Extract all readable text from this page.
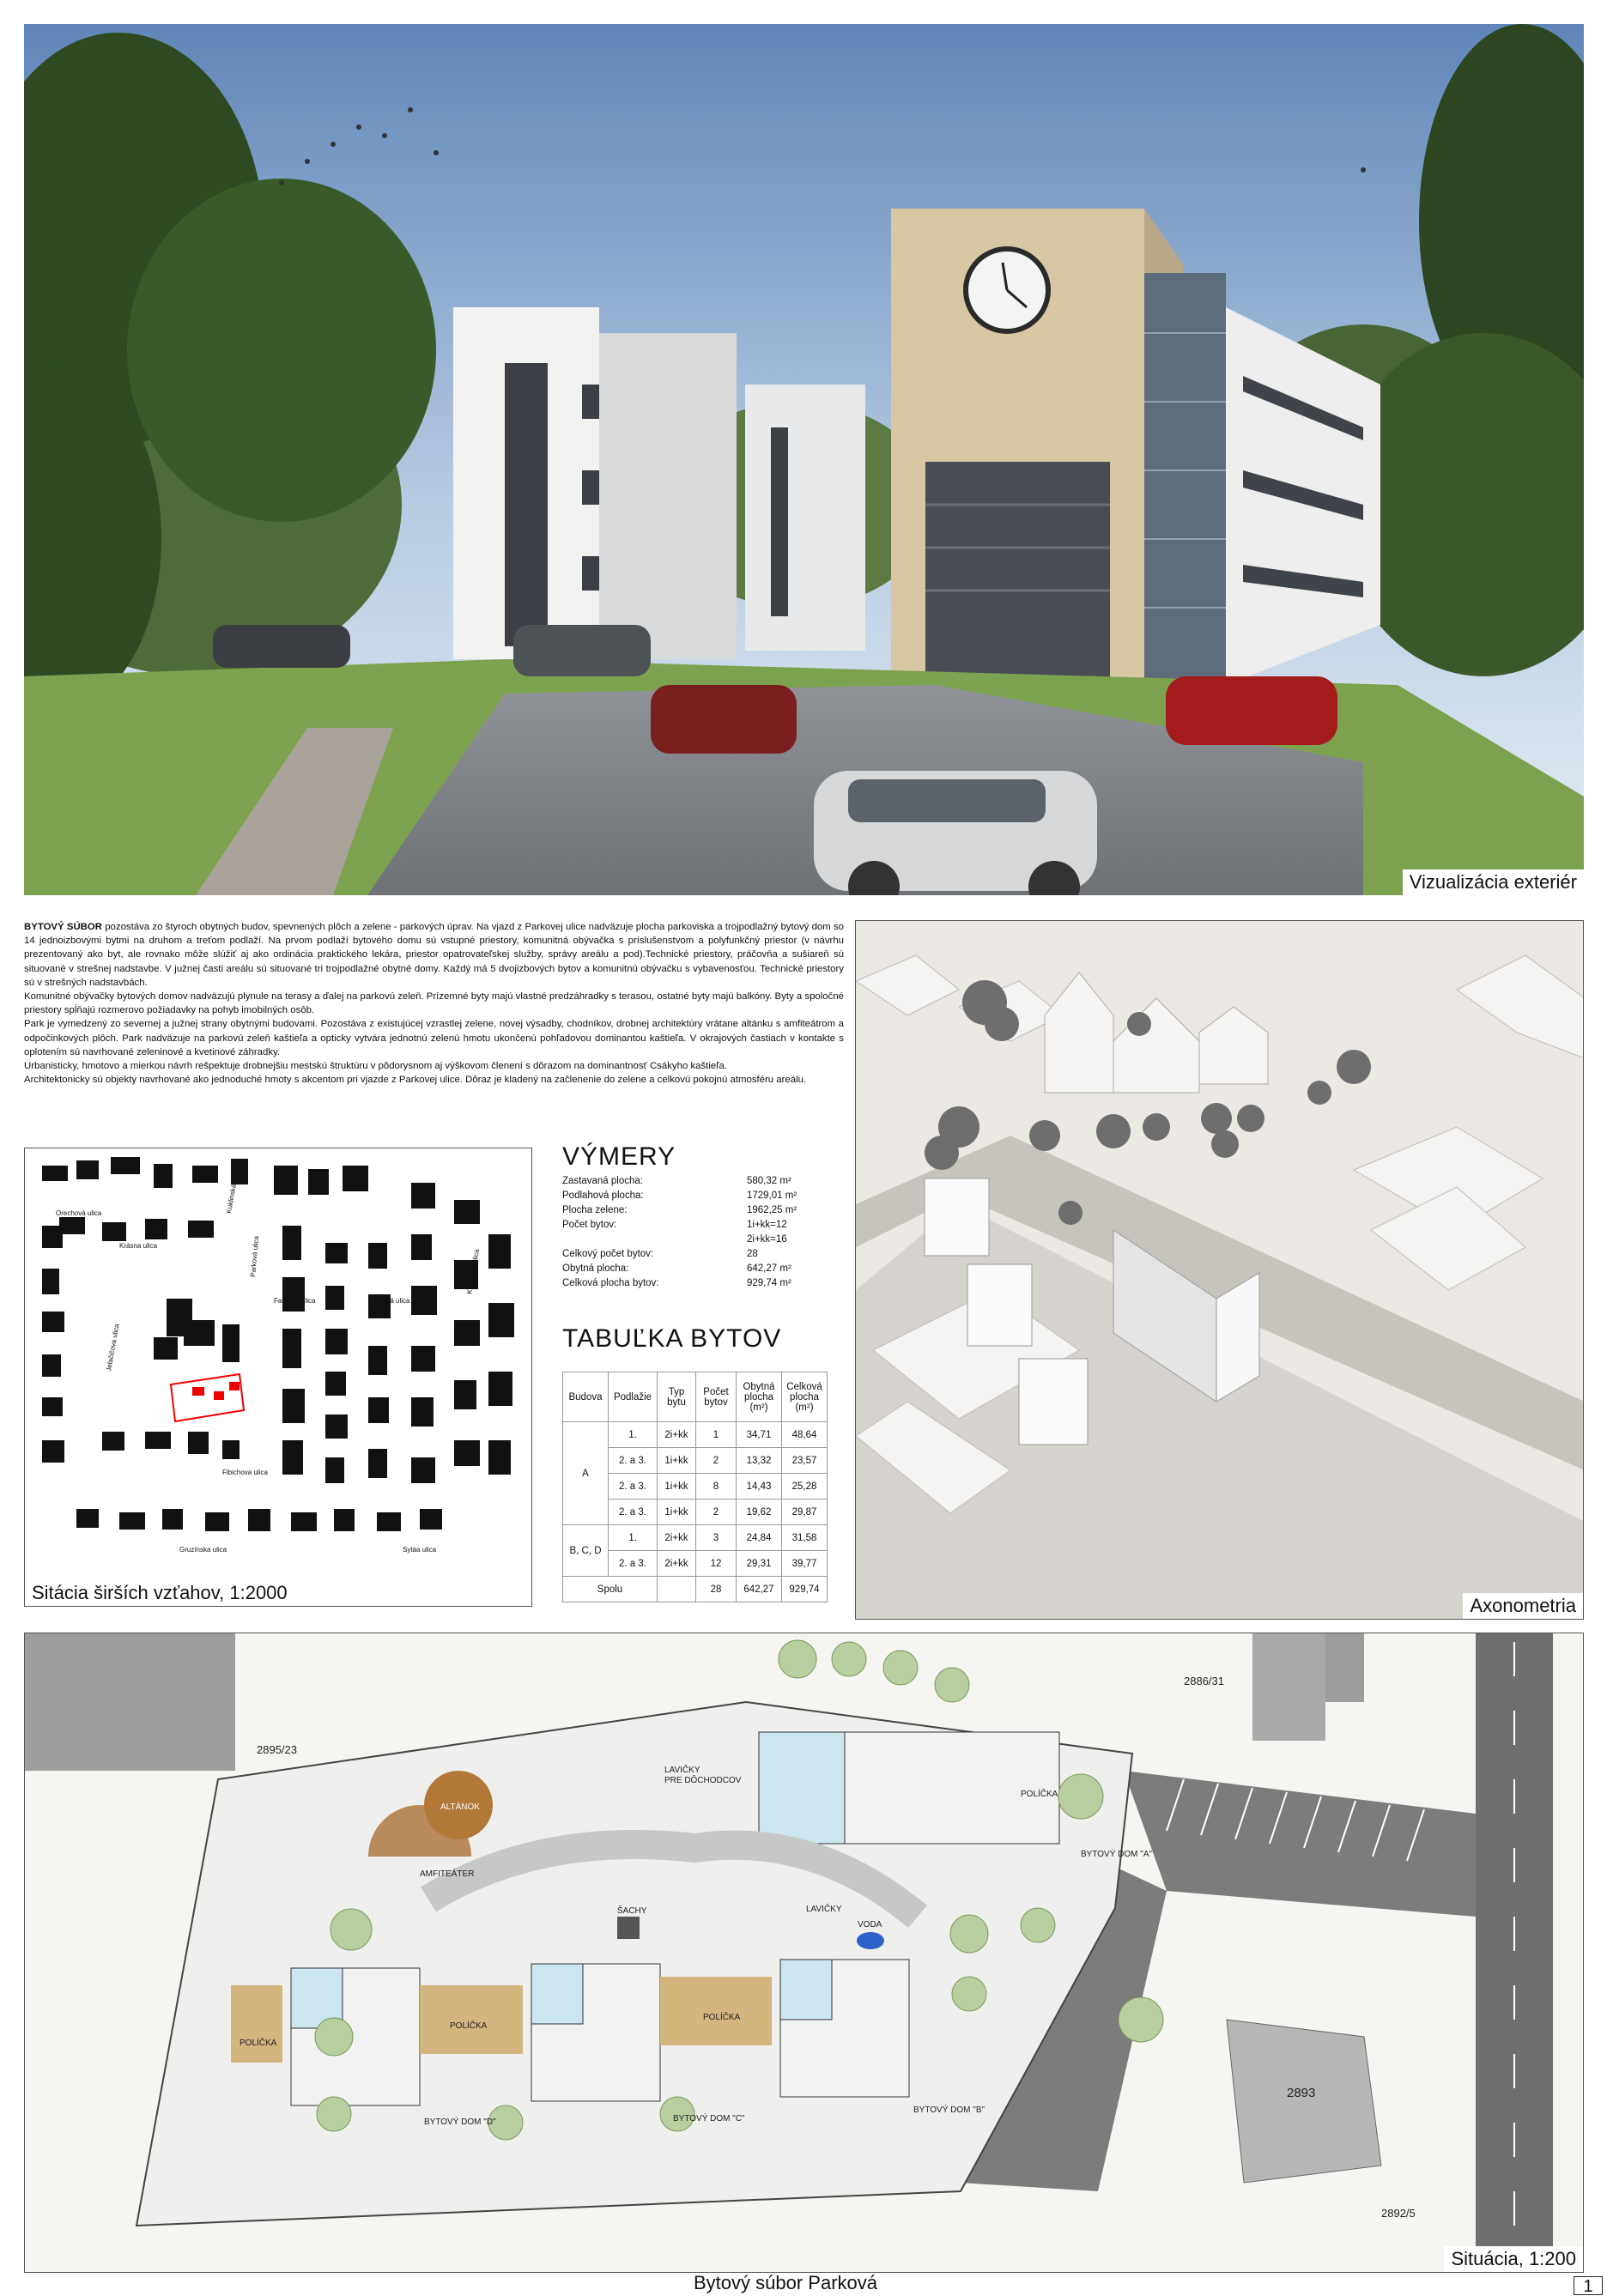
Vizualizácia exteriér

BYTOVÝ SÚBOR pozostáva zo štyroch obytných budov, spevnených plôch a zelene - parkových úprav. Na vjazd z Parkovej ulice nadväzuje plocha parkoviska a trojpodlažný bytový dom so 14 jednoizbovými bytmi na druhom a treťom podlaží. Na prvom podlaží bytového domu sú vstupné priestory, komunitná obývačka s príslušenstvom a polyfunkčný priestor (v návrhu prezentovaný ako byt, ale rovnako môže slúžiť aj ako ordinácia praktického lekára, priestor opatrovateľskej služby, správy areálu a pod).Technické priestory, práčovňa a sušiareň sú situované v strešnej nadstavbe. V južnej časti areálu sú situované tri trojpodlažné obytné domy. Každý má 5 dvojizbových bytov a komunitnú obývačku s vybavenosťou. Technické priestory sú v strešných nadstavbách.

Komunitné obývačky bytových domov nadväzujú plynule na terasy a ďalej na parkovú zeleň. Prízemné byty majú vlastné predzáhradky s terasou, ostatné byty majú balkóny. Byty a spoločné priestory spĺňajú rozmerovo požiadavky na pohyb imobilných osôb.

Park je vymedzený zo severnej a južnej strany obytnými budovami. Pozostáva z existujúcej vzrastlej zelene, novej výsadby, chodníkov, drobnej architektúry vrátane altánku s amfiteátrom a odpočinkových plôch. Park nadväzuje na parkovú zeleň kaštieľa a opticky vytvára jednotnú zelenú hmotu ukončenú pohľadovou dominantou kaštieľa. V okrajových častiach v kontakte s oplotením sú navrhované zeleninové a kvetinové záhradky.

Urbanisticky, hmotovo a mierkou návrh rešpektuje drobnejšiu mestskú štruktúru v pôdorysnom aj výškovom členení s dôrazom na dominantnosť Csákyho kaštieľa.

Architektonicky sú objekty navrhované ako jednoduché hmoty s akcentom pri vjazde z Parkovej ulice. Dôraz je kladený na začlenenie do zelene a celkovú pokojnú atmosféru areálu.

Orechová ulica	Kuklinská ulica
Krásna ulica	Parková ulica
Farebná ulica	Farebná ulica
Kuklinská ulica
Jelačičova ulica
Fibichova ulica
Gruzínska ulica	Sytáa ulica
Sitácia širších vzťahov, 1:2000
VÝMERY
Zastavaná plocha:	580,32 m²
Podlahová plocha:	1729,01 m²
Plocha zelene:	1962,25 m²
Počet bytov:	1i+kk=12
2i+kk=16
Celkový počet bytov:	28
Obytná plocha:	642,27 m²
Celková plocha bytov:	929,74 m²
TABUĽKA BYTOV
Budova	Podlažie	Typ bytu	Počet bytov	Obytná plocha (m²)	Celková plocha (m²)
A	1.	2i+kk	1	34,71	48,64
	2. a 3.	1i+kk	2	13,32	23,57
	2. a 3.	1i+kk	8	14,43	25,28
	2. a 3.	1i+kk	2	19,62	29,87
B, C, D	1.	2i+kk	3	24,84	31,58
	2. a 3.	2i+kk	12	29,31	39,77
Spolu			28	642,27	929,74
Axonometria
ALTÁNOK
AMFITEÁTER
LAVIČKY
PRE DÔCHODCOV
ŠACHY	LAVIČKY
VODA
BYTOVÝ DOM "A"
BYTOVÝ DOM "B"
BYTOVÝ DOM "C"
BYTOVÝ DOM "D"
POLÍČKA
POLÍČKA
POLÍČKA
POLÍČKA
2895/23
2886/31
2893
2892/5
Situácia, 1:200
Bytový súbor Parková	1
